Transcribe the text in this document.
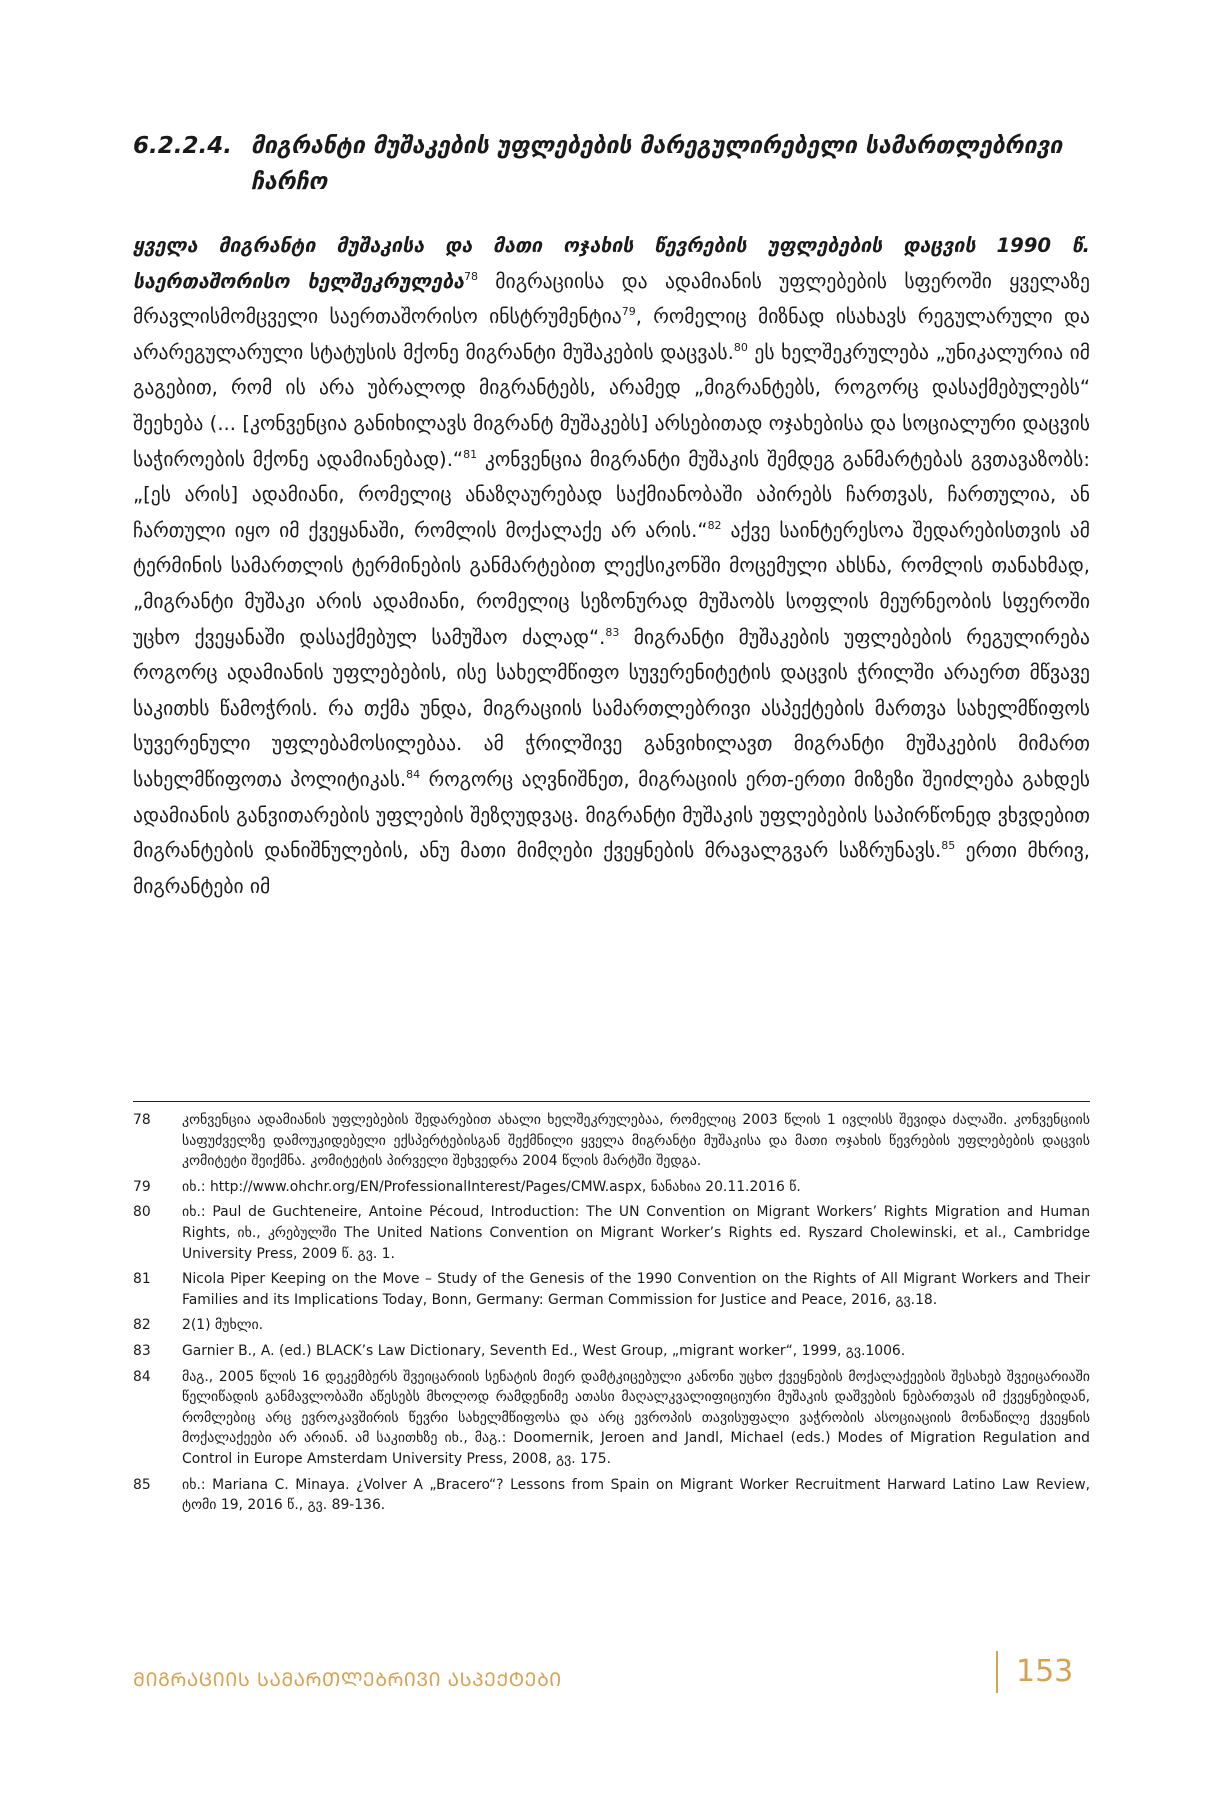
6.2.2.4. მიგრანტი მუშაკების უფლებების მარეგულირებელი სამართლებრივი ჩარჩო
ყველა მიგრანტი მუშაკისა და მათი ოჯახის წევრების უფლებების დაცვის 1990 წ. საერთაშორისო ხელშეკრულება$^{78}$ მიგრაციისა და ადამიანის უფლებების სფეროში ყველაზე მრავლისმომცველი საერთაშორისო ინსტრუმენტია$^{79}$, რომელიც მიზნად ისახავს რეგულარული და არარეგულარული სტატუსის მქონე მიგრანტი მუშაკების დაცვას.$^{80}$ ეს ხელშეკრულება „უნიკალურია იმ გაგებით, რომ ის არა უბრალოდ მიგრანტებს, არამედ „მიგრანტებს, როგორც დასაქმებულებს“ შეეხება (... [კონვენცია განიხილავს მიგრანტ მუშაკებს] არსებითად ოჯახებისა და სოციალური დაცვის საჭიროების მქონე ადამიანებად).“$^{81}$ კონვენცია მიგრანტი მუშაკის შემდეგ განმარტებას გვთავაზობს: „[ეს არის] ადამიანი, რომელიც ანაზღაურებად საქმიანობაში აპირებს ჩართვას, ჩართულია, ან ჩართული იყო იმ ქვეყანაში, რომლის მოქალაქე არ არის.“$^{82}$ აქვე საინტერესოა შედარებისთვის ამ ტერმინის სამართლის ტერმინების განმარტებით ლექსიკონში მოცემული ახსნა, რომლის თანახმად, „მიგრანტი მუშაკი არის ადამიანი, რომელიც სეზონურად მუშაობს სოფლის მეურნეობის სფეროში უცხო ქვეყანაში დასაქმებულ სამუშაო ძალად“.$^{83}$ მიგრანტი მუშაკების უფლებების რეგულირება როგორც ადამიანის უფლებების, ისე სახელმწიფო სუვერენიტეტის დაცვის ჭრილში არაერთ მწვავე საკითხს წამოჭრის. რა თქმა უნდა, მიგრაციის სამართლებრივი ასპექტების მართვა სახელმწიფოს სუვერენული უფლებამოსილებაა. ამ ჭრილშივე განვიხილავთ მიგრანტი მუშაკების მიმართ სახელმწიფოთა პოლიტიკას.$^{84}$ როგორც აღვნიშნეთ, მიგრაციის ერთ-ერთი მიზეზი შეიძლება გახდეს ადამიანის განვითარების უფლების შეზღუდვაც. მიგრანტი მუშაკის უფლებების საპირწონედ ვხვდებით მიგრანტების დანიშნულების, ანუ მათი მიმღები ქვეყნების მრავალგვარ საზრუნავს.$^{85}$ ერთი მხრივ, მიგრანტები იმ
78	კონვენცია ადამიანის უფლებების შედარებით ახალი ხელშეკრულებაა, რომელიც 2003 წლის 1 ივლისს შევიდა ძალაში. კონვენციის საფუძველზე დამოუკიდებელი ექსპერტებისგან შექმნილი ყველა მიგრანტი მუშაკისა და მათი ოჯახის წევრების უფლებების დაცვის კომიტეტი შეიქმნა. კომიტეტის პირველი შეხვედრა 2004 წლის მარტში შედგა.
79	იხ.: http://www.ohchr.org/EN/ProfessionalInterest/Pages/CMW.aspx, ნანახია 20.11.2016 წ.
80	იხ.: Paul de Guchteneire, Antoine Pécoud, Introduction: The UN Convention on Migrant Workers’ Rights Migration and Human Rights, იხ., კრებულში The United Nations Convention on Migrant Worker’s Rights ed. Ryszard Cholewinski, et al., Cambridge University Press, 2009 წ. გვ. 1.
81	Nicola Piper Keeping on the Move – Study of the Genesis of the 1990 Convention on the Rights of All Migrant Workers and Their Families and its Implications Today, Bonn, Germany: German Commission for Justice and Peace, 2016, გვ.18.
82	2(1) მუხლი.
83	Garnier B., A. (ed.) BLACK’s Law Dictionary, Seventh Ed., West Group, „migrant worker“, 1999, გვ.1006.
84	მაგ., 2005 წლის 16 დეკემბერს შვეიცარიის სენატის მიერ დამტკიცებული კანონი უცხო ქვეყნების მოქალაქეების შესახებ შვეიცარიაში წელიწადის განმავლობაში აწესებს მხოლოდ რამდენიმე ათასი მაღალკვალიფიციური მუშაკის დაშვების ნებართვას იმ ქვეყნებიდან, რომლებიც არც ევროკავშირის წევრი სახელმწიფოსა და არც ევროპის თავისუფალი ვაჭრობის ასოციაციის მონაწილე ქვეყნის მოქალაქეები არ არიან. ამ საკითხზე იხ., მაგ.: Doomernik, Jeroen and Jandl, Michael (eds.) Modes of Migration Regulation and Control in Europe Amsterdam University Press, 2008, გვ. 175.
85	იხ.: Mariana C. Minaya. ¿Volver A „Bracero“? Lessons from Spain on Migrant Worker Recruitment Harward Latino Law Review, ტომი 19, 2016 წ., გვ. 89-136.
ᲛᲘᲒᲠᲐᲪᲘᲘᲡ ᲡᲐᲛᲐᲠᲗᲚᲔᲑᲠᲘᲕᲘ ᲐᲡᲞᲔᲥᲢᲔᲑᲘ	153
